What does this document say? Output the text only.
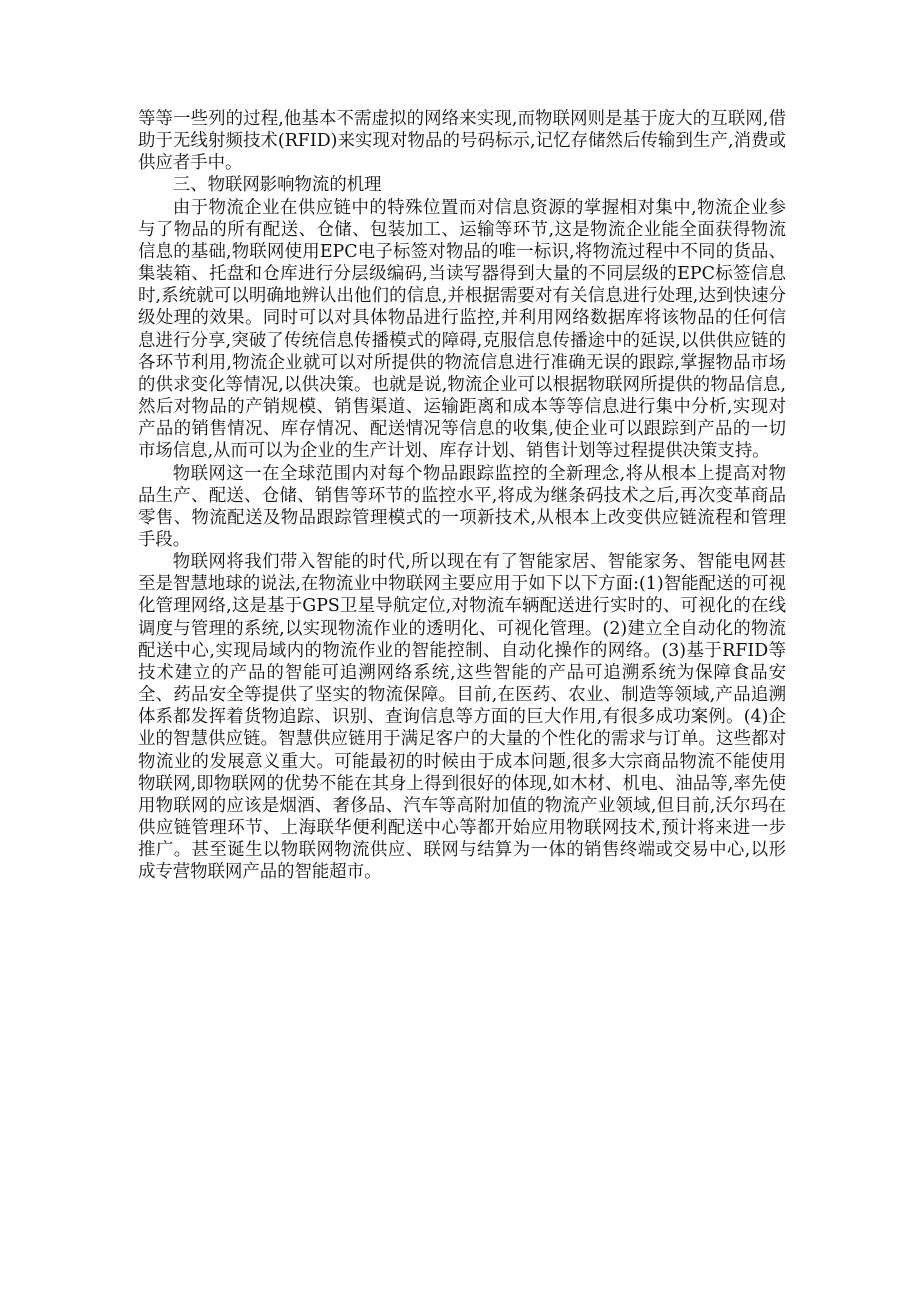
等等一些列的过程,他基本不需虚拟的网络来实现,而物联网则是基于庞大的互联网,借助于无线射频技术(RFID)来实现对物品的号码标示,记忆存储然后传输到生产,消费或供应者手中。

三、物联网影响物流的机理

由于物流企业在供应链中的特殊位置而对信息资源的掌握相对集中,物流企业参与了物品的所有配送、仓储、包装加工、运输等环节,这是物流企业能全面获得物流信息的基础,物联网使用EPC电子标签对物品的唯一标识,将物流过程中不同的货品、集装箱、托盘和仓库进行分层级编码,当读写器得到大量的不同层级的EPC标签信息时,系统就可以明确地辨认出他们的信息,并根据需要对有关信息进行处理,达到快速分级处理的效果。同时可以对具体物品进行监控,并利用网络数据库将该物品的任何信息进行分享,突破了传统信息传播模式的障碍,克服信息传播途中的延误,以供供应链的各环节利用,物流企业就可以对所提供的物流信息进行准确无误的跟踪,掌握物品市场的供求变化等情况,以供决策。也就是说,物流企业可以根据物联网所提供的物品信息,然后对物品的产销规模、销售渠道、运输距离和成本等等信息进行集中分析,实现对产品的销售情况、库存情况、配送情况等信息的收集,使企业可以跟踪到产品的一切市场信息,从而可以为企业的生产计划、库存计划、销售计划等过程提供决策支持。

物联网这一在全球范围内对每个物品跟踪监控的全新理念,将从根本上提高对物品生产、配送、仓储、销售等环节的监控水平,将成为继条码技术之后,再次变革商品零售、物流配送及物品跟踪管理模式的一项新技术,从根本上改变供应链流程和管理手段。

物联网将我们带入智能的时代,所以现在有了智能家居、智能家务、智能电网甚至是智慧地球的说法,在物流业中物联网主要应用于如下以下方面:(1)智能配送的可视化管理网络,这是基于GPS卫星导航定位,对物流车辆配送进行实时的、可视化的在线调度与管理的系统,以实现物流作业的透明化、可视化管理。(2)建立全自动化的物流配送中心,实现局域内的物流作业的智能控制、自动化操作的网络。(3)基于RFID等技术建立的产品的智能可追溯网络系统,这些智能的产品可追溯系统为保障食品安全、药品安全等提供了坚实的物流保障。目前,在医药、农业、制造等领域,产品追溯体系都发挥着货物追踪、识别、查询信息等方面的巨大作用,有很多成功案例。(4)企业的智慧供应链。智慧供应链用于满足客户的大量的个性化的需求与订单。这些都对物流业的发展意义重大。可能最初的时候由于成本问题,很多大宗商品物流不能使用物联网,即物联网的优势不能在其身上得到很好的体现,如木材、机电、油品等,率先使用物联网的应该是烟酒、奢侈品、汽车等高附加值的物流产业领域,但目前,沃尔玛在供应链管理环节、上海联华便利配送中心等都开始应用物联网技术,预计将来进一步推广。甚至诞生以物联网物流供应、联网与结算为一体的销售终端或交易中心,以形成专营物联网产品的智能超市。
